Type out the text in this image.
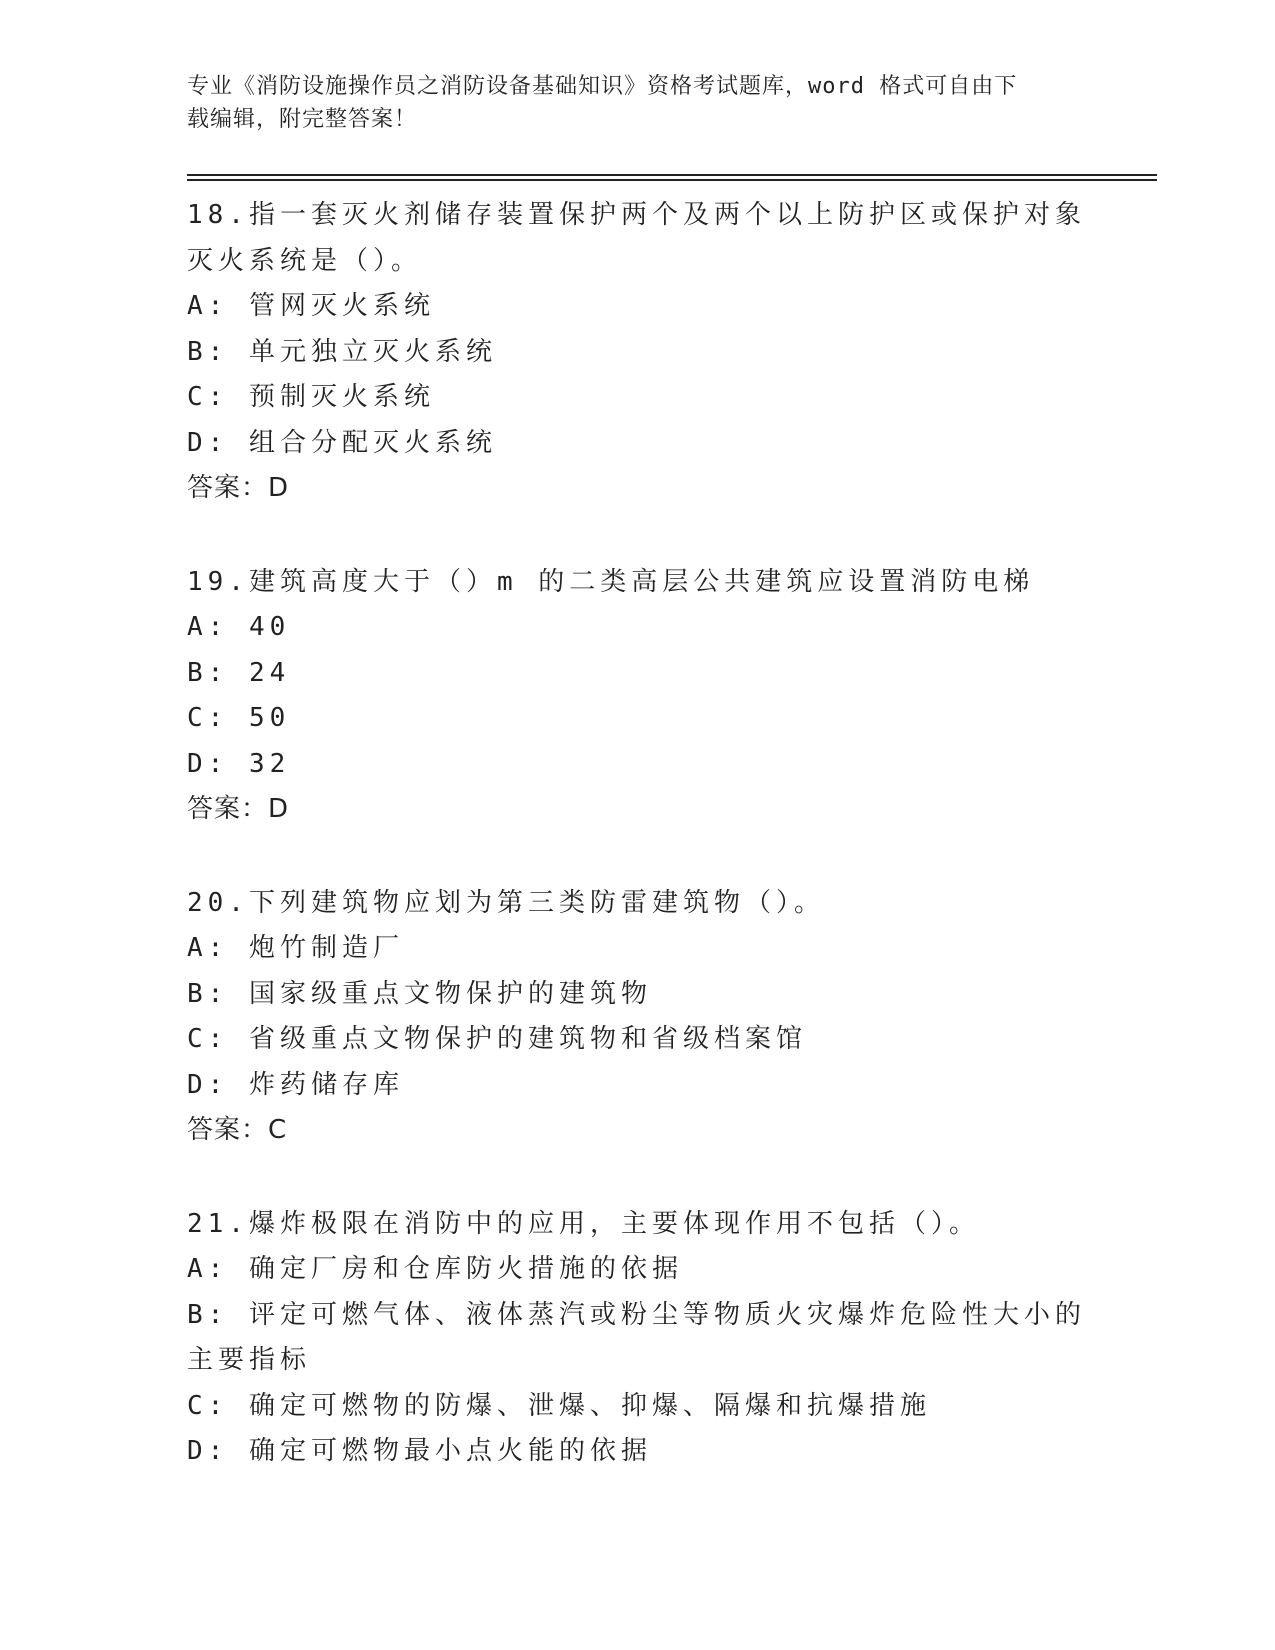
专业《消防设施操作员之消防设备基础知识》资格考试题库，word 格式可自由下
载编辑，附完整答案！
18.指一套灭火剂储存装置保护两个及两个以上防护区或保护对象灭火系统是（）。
A: 管网灭火系统
B: 单元独立灭火系统
C: 预制灭火系统
D: 组合分配灭火系统
答案：D
19.建筑高度大于（）m 的二类高层公共建筑应设置消防电梯
A: 40
B: 24
C: 50
D: 32
答案：D
20.下列建筑物应划为第三类防雷建筑物（）。
A: 炮竹制造厂
B: 国家级重点文物保护的建筑物
C: 省级重点文物保护的建筑物和省级档案馆
D: 炸药储存库
答案：C
21.爆炸极限在消防中的应用，主要体现作用不包括（）。
A: 确定厂房和仓库防火措施的依据
B: 评定可燃气体、液体蒸汽或粉尘等物质火灾爆炸危险性大小的主要指标
C: 确定可燃物的防爆、泄爆、抑爆、隔爆和抗爆措施
D: 确定可燃物最小点火能的依据
